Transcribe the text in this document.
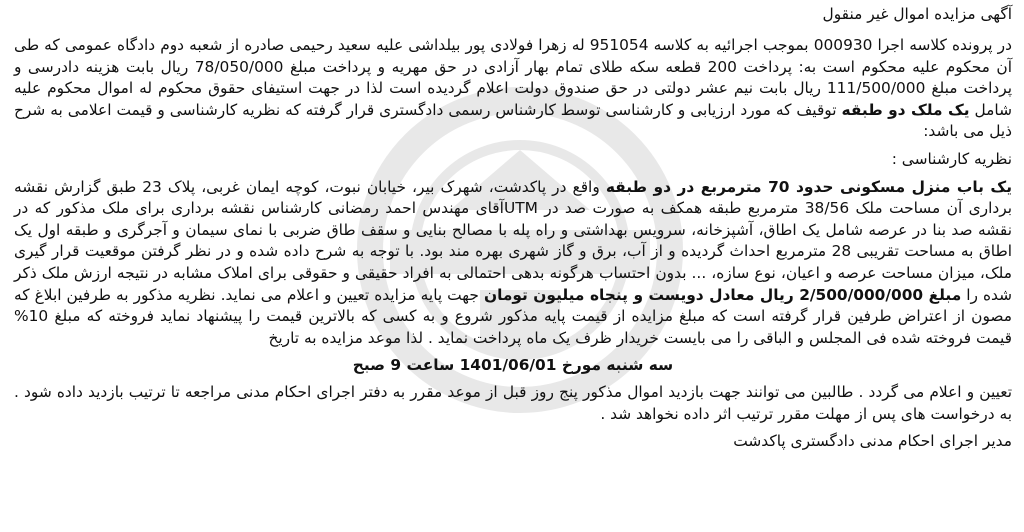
آگهی مزایده اموال غیر منقول

در پرونده کلاسه اجرا 000930 بموجب اجرائیه به کلاسه 951054 له زهرا فولادی پور بیلداشی علیه سعید رحیمی صادره از شعبه دوم دادگاه عمومی که طی آن محکوم علیه محکوم است به: پرداخت 200 قطعه سکه طلای تمام بهار آزادی در حق مهریه و پرداخت مبلغ 78/050/000 ریال بابت هزینه دادرسی و پرداخت مبلغ 111/500/000 ریال بابت نیم عشر دولتی در حق صندوق دولت اعلام گردیده است لذا در جهت استیفای حقوق محکوم له اموال محکوم علیه شامل یک ملک دو طبقه توقیف که مورد ارزیابی و کارشناسی توسط کارشناس رسمی دادگستری قرار گرفته که نظریه کارشناسی و قیمت اعلامی به شرح ذیل می باشد:

نظریه کارشناسی :

یک باب منزل مسکونی حدود 70 مترمربع در دو طبقه واقع در پاکدشت، شهرک بیر، خیابان نبوت، کوچه ایمان غربی، پلاک 23 طبق گزارش نقشه برداری آن مساحت ملک 38/56 مترمربع طبقه همکف به صورت صد در UTMآقای مهندس احمد رمضانی کارشناس نقشه برداری برای ملک مذکور که در نقشه صد بنا در عرصه شامل یک اطاق، آشپزخانه، سرویس بهداشتی و راه پله با مصالح بنایی و سقف طاق ضربی با نمای سیمان و آجرگری و طبقه اول یک اطاق به مساحت تقریبی 28 مترمربع احداث گردیده و از آب، برق و گاز شهری بهره مند بود. با توجه به شرح داده شده و در نظر گرفتن موقعیت قرار گیری ملک، میزان مساحت عرصه و اعیان، نوع سازه، ... بدون احتساب هرگونه بدهی احتمالی به افراد حقیقی و حقوقی برای املاک مشابه در نتیجه ارزش ملک ذکر شده را مبلغ 2/500/000/000 ریال معادل دویست و پنجاه میلیون تومان جهت پایه مزایده تعیین و اعلام می نماید. نظریه مذکور به طرفین ابلاغ که مصون از اعتراض طرفین قرار گرفته است که مبلغ مزایده از قیمت پایه مذکور شروع و به کسی که بالاترین قیمت را پیشنهاد نماید فروخته که مبلغ 10% قیمت فروخته شده فی المجلس و الباقی را می بایست خریدار ظرف یک ماه پرداخت نماید . لذا موعد مزایده به تاریخ

سه شنبه مورخ 1401/06/01 ساعت 9 صبح

تعیین و اعلام می گردد . طالبین می توانند جهت بازدید اموال مذکور پنج روز قبل از موعد مقرر به دفتر اجرای احکام مدنی مراجعه تا ترتیب بازدید داده شود . به درخواست های پس از مهلت مقرر ترتیب اثر داده نخواهد شد .

مدیر اجرای احکام مدنی دادگستری پاکدشت
